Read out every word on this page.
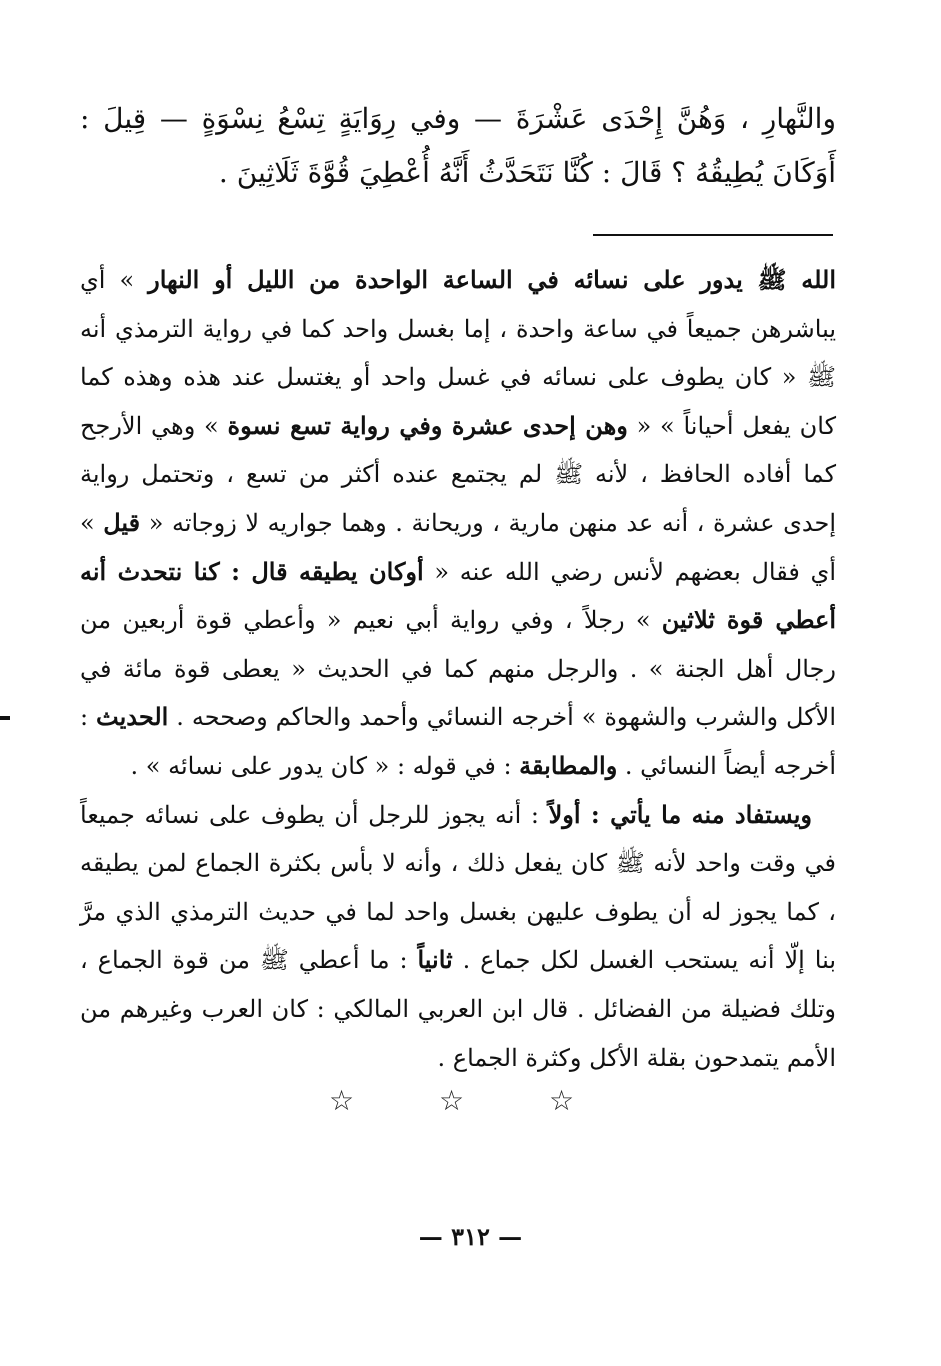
والنَّهارِ ، وَهُنَّ إِحْدَى عَشْرَةَ — وفي رِوَايَةٍ تِسْعُ نِسْوَةٍ — قِيلَ : أَوَكَانَ يُطِيقُهُ ؟ قَالَ : كُنَّا نَتَحَدَّثُ أَنَّهُ أُعْطِيَ قُوَّةَ ثَلَاثِينَ .

الله ﷺ يدور على نسائه في الساعة الواحدة من الليل أو النهار » أي يباشرهن جميعاً في ساعة واحدة ، إما بغسل واحد كما في رواية الترمذي أنه ﷺ « كان يطوف على نسائه في غسل واحد أو يغتسل عند هذه وهذه كما كان يفعل أحياناً » « وهن إحدى عشرة وفي رواية تسع نسوة » وهي الأرجح كما أفاده الحافظ ، لأنه ﷺ لم يجتمع عنده أكثر من تسع ، وتحتمل رواية إحدى عشرة ، أنه عد منهن مارية ، وريحانة . وهما جواريه لا زوجاته « قيل » أي فقال بعضهم لأنس رضي الله عنه « أوكان يطيقه قال : كنا نتحدث أنه أعطي قوة ثلاثين » رجلاً ، وفي رواية أبي نعيم « وأعطي قوة أربعين من رجال أهل الجنة » . والرجل منهم كما في الحديث « يعطى قوة مائة في الأكل والشرب والشهوة » أخرجه النسائي وأحمد والحاكم وصححه . الحديث : أخرجه أيضاً النسائي . والمطابقة : في قوله : « كان يدور على نسائه » .

ويستفاد منه ما يأتي : أولاً : أنه يجوز للرجل أن يطوف على نسائه جميعاً في وقت واحد لأنه ﷺ كان يفعل ذلك ، وأنه لا بأس بكثرة الجماع لمن يطيقه ، كما يجوز له أن يطوف عليهن بغسل واحد لما في حديث الترمذي الذي مرَّ بنا إلّا أنه يستحب الغسل لكل جماع . ثانياً : ما أعطي ﷺ من قوة الجماع ، وتلك فضيلة من الفضائل . قال ابن العربي المالكي : كان العرب وغيرهم من الأمم يتمدحون بقلة الأكل وكثرة الجماع .

☆ ☆ ☆
— ٣١٢ —
